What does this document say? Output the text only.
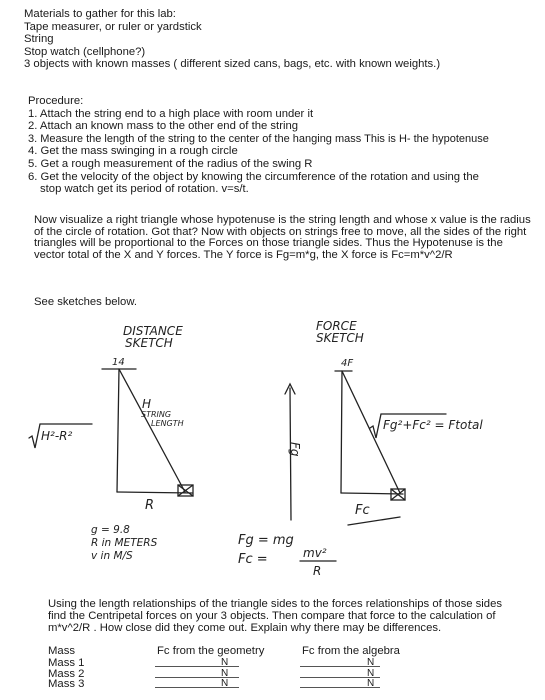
Materials to gather for this lab:
Tape measurer, or ruler or yardstick
String
Stop watch (cellphone?)
3 objects with known masses ( different sized cans, bags, etc. with known weights.)
Procedure:
1. Attach the string end to a high place with room under it
2. Attach an known mass to the other end of the string
3. Measure the length of the string to the center of the hanging mass This is H- the hypotenuse
4. Get the mass swinging in a rough circle
5. Get a rough measurement of the radius of the swing R
6. Get the velocity of the object by knowing the circumference of the rotation and using the
stop watch get its period of rotation. v=s/t.
Now visualize a right triangle whose hypotenuse is the string length and whose x value is the radius of the circle of rotation. Got that? Now with objects on strings free to move, all the sides of the right triangles will be proportional to the Forces on those triangle sides. Thus the Hypotenuse is the vector total of the X and Y forces. The Y force is Fg=m*g, the X force is Fc=m*v^2/R
See sketches below.
DISTANCE
SKETCH
FORCE
SKETCH
14	4F
H²-R²
H
STRING
LENGTH
R
Fg
Fg²+Fc² = Ftotal
Fc
g = 9.8
R in METERS
v in M/S
Fg = mg
Fc =	mv²
R
Using the length relationships of the triangle sides to the forces relationships of those sides find the Centripetal forces on your 3 objects. Then compare that force to the calculation of m*v^2/R . How close did they come out. Explain why there may be differences.
Mass	Fc from the geometry	Fc from the algebra
Mass 1	N	N
Mass 2	N	N
Mass 3	N	N
